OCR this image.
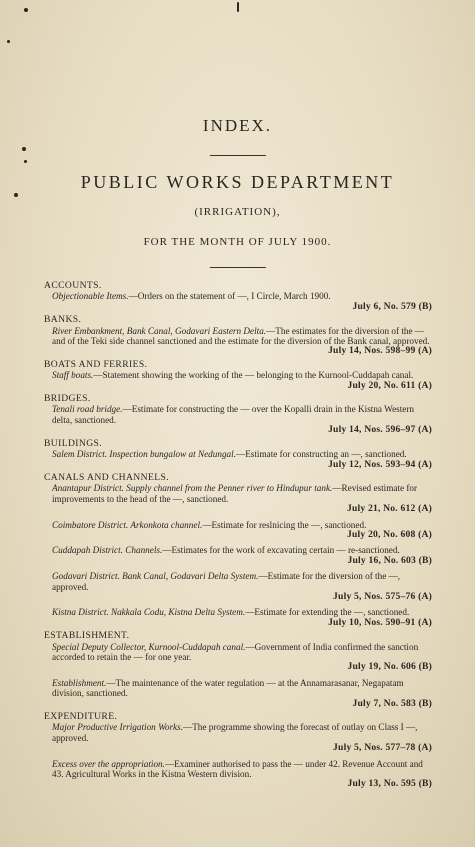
INDEX.
PUBLIC WORKS DEPARTMENT
(IRRIGATION),
FOR THE MONTH OF JULY 1900.
ACCOUNTS.
Objectionable Items.—Orders on the statement of —, I Circle, March 1900.
July 6, No. 579 (B)
BANKS.
River Embankment, Bank Canal, Godavari Eastern Delta.—The estimates for the diversion of the — and of the Teki side channel sanctioned and the estimate for the diversion of the Bank canal, approved.
July 14, Nos. 598–99 (A)
BOATS AND FERRIES.
Staff boats.—Statement showing the working of the — belonging to the Kurnool-Cuddapah canal.
July 20, No. 611 (A)
BRIDGES.
Tenali road bridge.—Estimate for constructing the — over the Kopalli drain in the Kistna Western delta, sanctioned.
July 14, Nos. 596–97 (A)
BUILDINGS.
Salem District. Inspection bungalow at Nedungal.—Estimate for constructing an —, sanctioned.
July 12, Nos. 593–94 (A)
CANALS AND CHANNELS.
Anantapur District. Supply channel from the Penner river to Hindupur tank.—Revised estimate for improvements to the head of the —, sanctioned.
July 21, No. 612 (A)
Coimbatore District. Arkonkota channel.—Estimate for reslnicing the —, sanctioned.
July 20, No. 608 (A)
Cuddapah District. Channels.—Estimates for the work of excavating certain — re-sanctioned.
July 16, No. 603 (B)
Godavari District. Bank Canal, Godavari Delta System.—Estimate for the diversion of the —, approved.
July 5, Nos. 575–76 (A)
Kistna District. Nakkala Codu, Kistna Delta System.—Estimate for extending the —, sanctioned.
July 10, Nos. 590–91 (A)
ESTABLISHMENT.
Special Deputy Collector, Kurnool-Cuddapah canal.—Government of India confirmed the sanction accorded to retain the — for one year.
July 19, No. 606 (B)
Establishment.—The maintenance of the water regulation — at the Annamarasanar, Negapatam division, sanctioned.
July 7, No. 583 (B)
EXPENDITURE.
Major Productive Irrigation Works.—The programme showing the forecast of outlay on Class I —, approved.
July 5, Nos. 577–78 (A)
Excess over the appropriation.—Examiner authorised to pass the — under 42. Revenue Account and 43. Agricultural Works in the Kistna Western division.
July 13, No. 595 (B)
